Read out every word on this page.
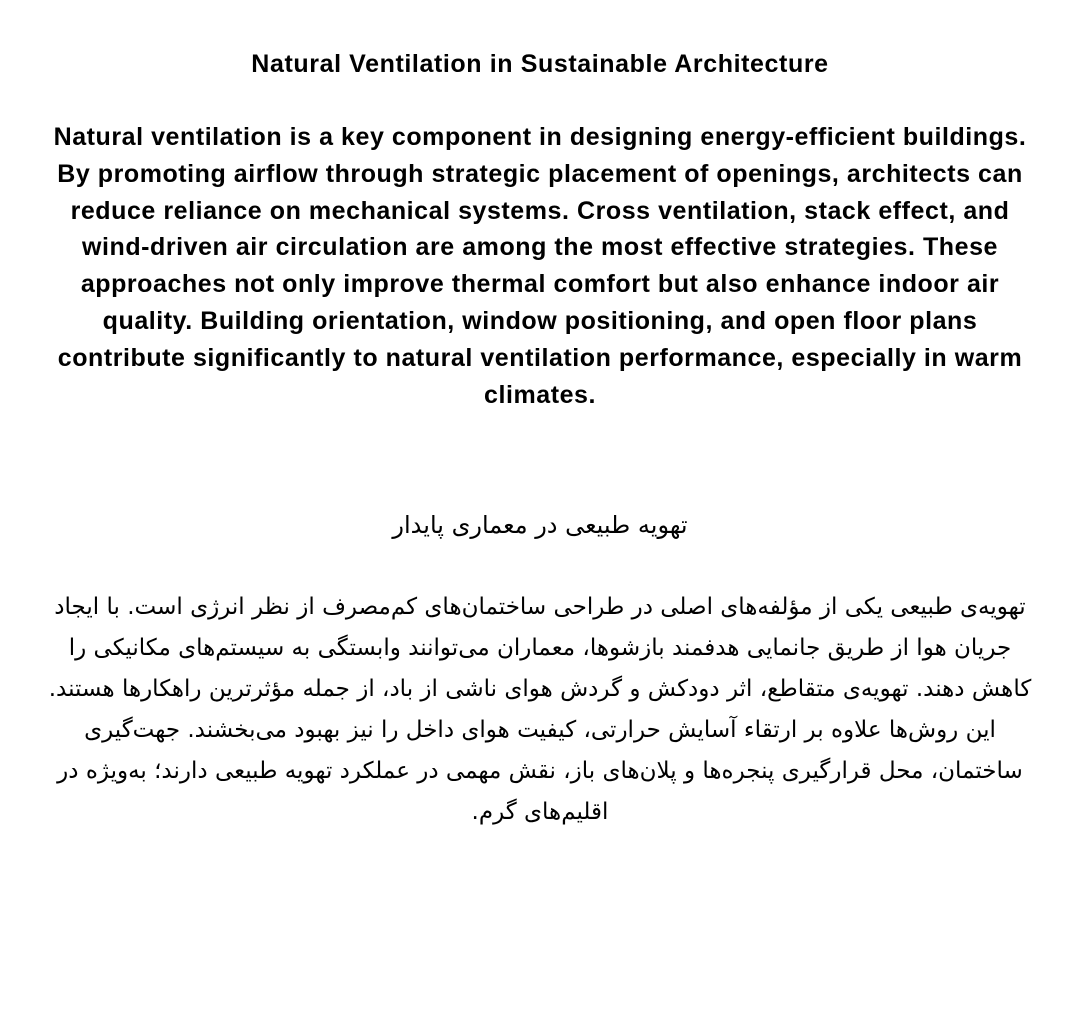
Natural Ventilation in Sustainable Architecture

Natural ventilation is a key component in designing energy-efficient buildings. By promoting airflow through strategic placement of openings, architects can reduce reliance on mechanical systems. Cross ventilation, stack effect, and wind-driven air circulation are among the most effective strategies. These approaches not only improve thermal comfort but also enhance indoor air quality. Building orientation, window positioning, and open floor plans contribute significantly to natural ventilation performance, especially in warm climates.

تهویه طبیعی در معماری پایدار

تهویه‌ی طبیعی یکی از مؤلفه‌های اصلی در طراحی ساختمان‌های کم‌مصرف از نظر انرژی است. با ایجاد جریان هوا از طریق جانمایی هدفمند بازشوها، معماران می‌توانند وابستگی به سیستم‌های مکانیکی را کاهش دهند. تهویه‌ی متقاطع، اثر دودکش و گردش هوای ناشی از باد، از جمله مؤثرترین راهکارها هستند. این روش‌ها علاوه بر ارتقاء آسایش حرارتی، کیفیت هوای داخل را نیز بهبود می‌بخشند. جهت‌گیری ساختمان، محل قرارگیری پنجره‌ها و پلان‌های باز، نقش مهمی در عملکرد تهویه طبیعی دارند؛ به‌ویژه در اقلیم‌های گرم.
